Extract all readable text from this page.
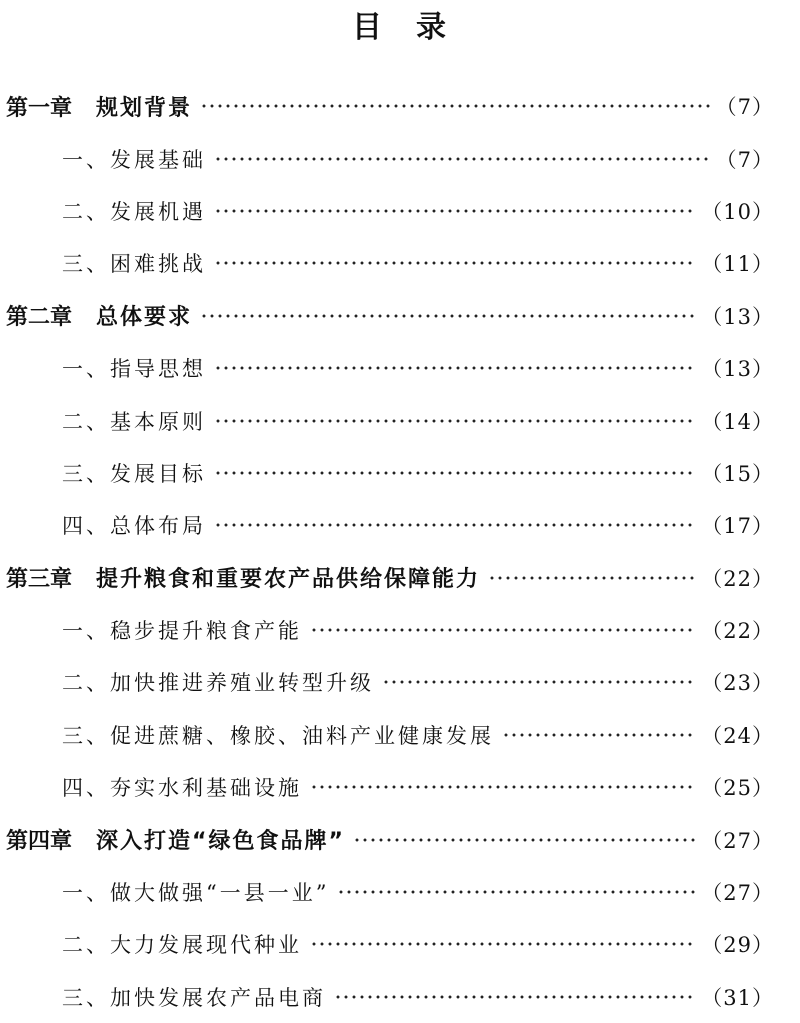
目　录
第一章 规划背景	（7）
一、发展基础	（7）
二、发展机遇	（10）
三、困难挑战	（11）
第二章 总体要求	（13）
一、指导思想	（13）
二、基本原则	（14）
三、发展目标	（15）
四、总体布局	（17）
第三章 提升粮食和重要农产品供给保障能力	（22）
一、稳步提升粮食产能	（22）
二、加快推进养殖业转型升级	（23）
三、促进蔗糖、橡胶、油料产业健康发展	（24）
四、夯实水利基础设施	（25）
第四章 深入打造“绿色食品牌”	（27）
一、做大做强“一县一业”	（27）
二、大力发展现代种业	（29）
三、加快发展农产品电商	（31）
